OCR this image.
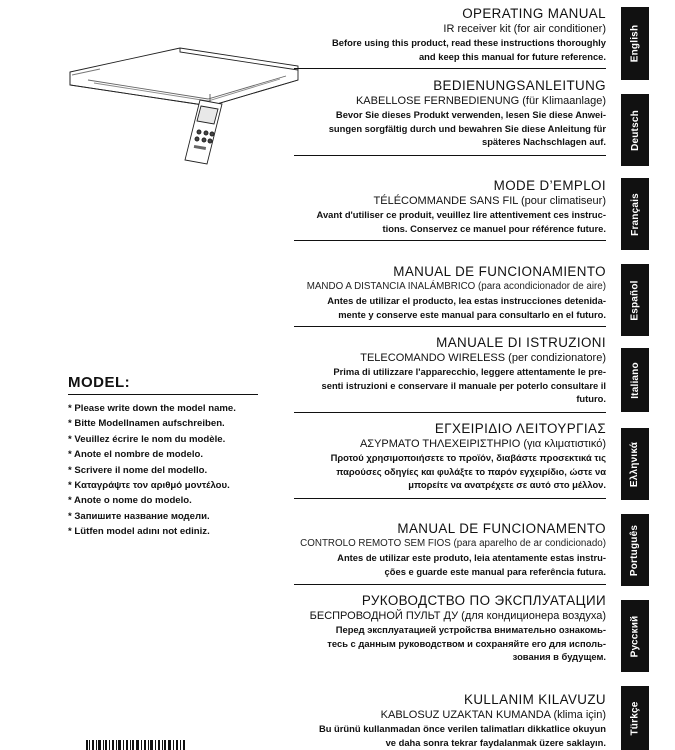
MODEL:
* Please write down the model name.
* Bitte Modellnamen aufschreiben.
* Veuillez écrire le nom du modèle.
* Anote el nombre de modelo.
* Scrivere il nome del modello.
* Καταγράψτε τον αριθμό μοντέλου.
* Anote o nome do modelo.
* Запишите название модели.
* Lütfen model adını not ediniz.
OPERATING MANUAL
IR receiver kit (for air conditioner)
Before using this product, read these instructions thoroughly
and keep this manual for future reference. English
BEDIENUNGSANLEITUNG
KABELLOSE FERNBEDIENUNG (für Klimaanlage)
Bevor Sie dieses Produkt verwenden, lesen Sie diese Anwei-
sungen sorgfältig durch und bewahren Sie diese Anleitung für
späteres Nachschlagen auf. Deutsch
MODE D’EMPLOI
TÉLÉCOMMANDE SANS FIL (pour climatiseur)
Avant d'utiliser ce produit, veuillez lire attentivement ces instruc-
tions. Conservez ce manuel pour référence future. Français
MANUAL DE FUNCIONAMIENTO
MANDO A DISTANCIA INALÁMBRICO (para acondicionador de aire)
Antes de utilizar el producto, lea estas instrucciones detenida-
mente y conserve este manual para consultarlo en el futuro. Español
MANUALE DI ISTRUZIONI
TELECOMANDO WIRELESS (per condizionatore)
Prima di utilizzare l'apparecchio, leggere attentamente le pre-
senti istruzioni e conservare il manuale per poterlo consultare il
futuro.
Italiano
ΕΓΧΕΙΡΙΔΙΟ ΛΕΙΤΟΥΡΓΙΑΣ
ΑΣΥΡΜΑΤΟ ΤΗΛΕΧΕΙΡΙΣΤΗΡΙΟ (για κλιματιστικό)
Προτού χρησιμοποιήσετε το προϊόν, διαβάστε προσεκτικά τις
παρούσες οδηγίες και φυλάξτε το παρόν εγχειρίδιο, ώστε να
μπορείτε να ανατρέχετε σε αυτό στο μέλλον. Ελληνικά
MANUAL DE FUNCIONAMENTO
CONTROLO REMOTO SEM FIOS (para aparelho de ar condicionado)
Antes de utilizar este produto, leia atentamente estas instru-
ções e guarde este manual para referência futura. Português
РУКОВОДСТВО ПО ЭКСПЛУАТАЦИИ
БЕСПРОВОДНОЙ ПУЛЬТ ДУ (для кондиционера воздуха)
Перед эксплуатацией устройства внимательно ознакомь-
тесь с данным руководством и сохраняйте его для исполь-
зования в будущем. Русский
KULLANIM KILAVUZU
KABLOSUZ UZAKTAN KUMANDA (klima için)
Bu ürünü kullanmadan önce verilen talimatları dikkatlice okuyun
ve daha sonra tekrar faydalanmak üzere saklayın.
Türkçe
